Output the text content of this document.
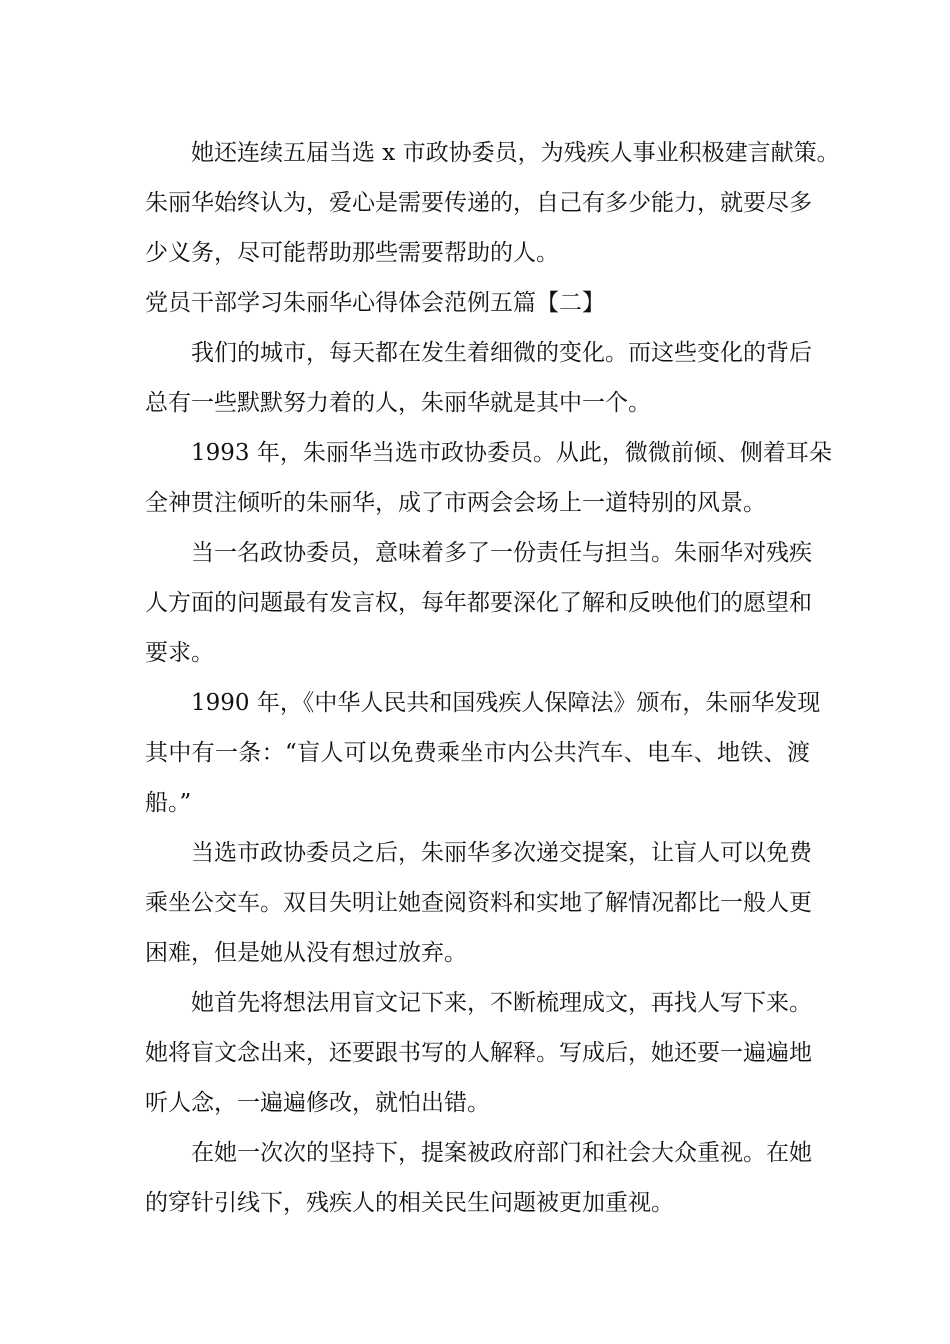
她还连续五届当选 x 市政协委员，为残疾人事业积极建言献策。
朱丽华始终认为，爱心是需要传递的，自己有多少能力，就要尽多
少义务，尽可能帮助那些需要帮助的人。
党员干部学习朱丽华心得体会范例五篇【二】
我们的城市，每天都在发生着细微的变化。而这些变化的背后
总有一些默默努力着的人，朱丽华就是其中一个。
1993 年，朱丽华当选市政协委员。从此，微微前倾、侧着耳朵
全神贯注倾听的朱丽华，成了市两会会场上一道特别的风景。
当一名政协委员，意味着多了一份责任与担当。朱丽华对残疾
人方面的问题最有发言权，每年都要深化了解和反映他们的愿望和
要求。
1990 年，《中华人民共和国残疾人保障法》颁布，朱丽华发现
其中有一条：“盲人可以免费乘坐市内公共汽车、电车、地铁、渡
船。”
当选市政协委员之后，朱丽华多次递交提案，让盲人可以免费
乘坐公交车。双目失明让她查阅资料和实地了解情况都比一般人更
困难，但是她从没有想过放弃。
她首先将想法用盲文记下来，不断梳理成文，再找人写下来。
她将盲文念出来，还要跟书写的人解释。写成后，她还要一遍遍地
听人念，一遍遍修改，就怕出错。
在她一次次的坚持下，提案被政府部门和社会大众重视。在她
的穿针引线下，残疾人的相关民生问题被更加重视。
